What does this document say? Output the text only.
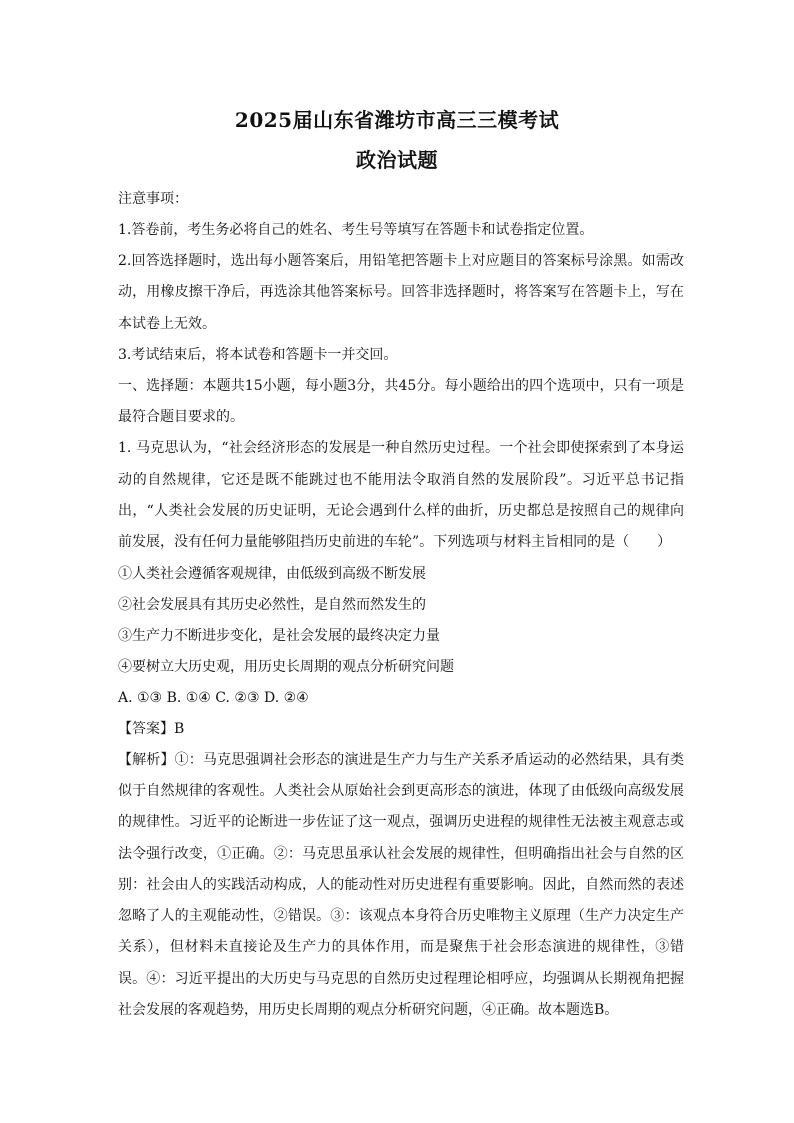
2025届山东省潍坊市高三三模考试
政治试题
注意事项：
1.答卷前，考生务必将自己的姓名、考生号等填写在答题卡和试卷指定位置。
2.回答选择题时，选出每小题答案后，用铅笔把答题卡上对应题目的答案标号涂黑。如需改动，用橡皮擦干净后，再选涂其他答案标号。回答非选择题时，将答案写在答题卡上，写在本试卷上无效。
3.考试结束后，将本试卷和答题卡一并交回。
一、选择题：本题共15小题，每小题3分，共45分。每小题给出的四个选项中，只有一项是最符合题目要求的。
1. 马克思认为，“社会经济形态的发展是一种自然历史过程。一个社会即使探索到了本身运动的自然规律，它还是既不能跳过也不能用法令取消自然的发展阶段”。习近平总书记指出，“人类社会发展的历史证明，无论会遇到什么样的曲折，历史都总是按照自己的规律向前发展，没有任何力量能够阻挡历史前进的车轮”。下列选项与材料主旨相同的是（　　）
①人类社会遵循客观规律，由低级到高级不断发展
②社会发展具有其历史必然性，是自然而然发生的
③生产力不断进步变化，是社会发展的最终决定力量
④要树立大历史观，用历史长周期的观点分析研究问题
A. ①③ B. ①④ C. ②③ D. ②④
【答案】B
【解析】①：马克思强调社会形态的演进是生产力与生产关系矛盾运动的必然结果，具有类似于自然规律的客观性。人类社会从原始社会到更高形态的演进，体现了由低级向高级发展的规律性。习近平的论断进一步佐证了这一观点，强调历史进程的规律性无法被主观意志或法令强行改变，①正确。②：马克思虽承认社会发展的规律性，但明确指出社会与自然的区别：社会由人的实践活动构成，人的能动性对历史进程有重要影响。因此，自然而然的表述忽略了人的主观能动性，②错误。③：该观点本身符合历史唯物主义原理（生产力决定生产关系），但材料未直接论及生产力的具体作用，而是聚焦于社会形态演进的规律性，③错误。④：习近平提出的大历史与马克思的自然历史过程理论相呼应，均强调从长期视角把握社会发展的客观趋势，用历史长周期的观点分析研究问题，④正确。故本题选B。
